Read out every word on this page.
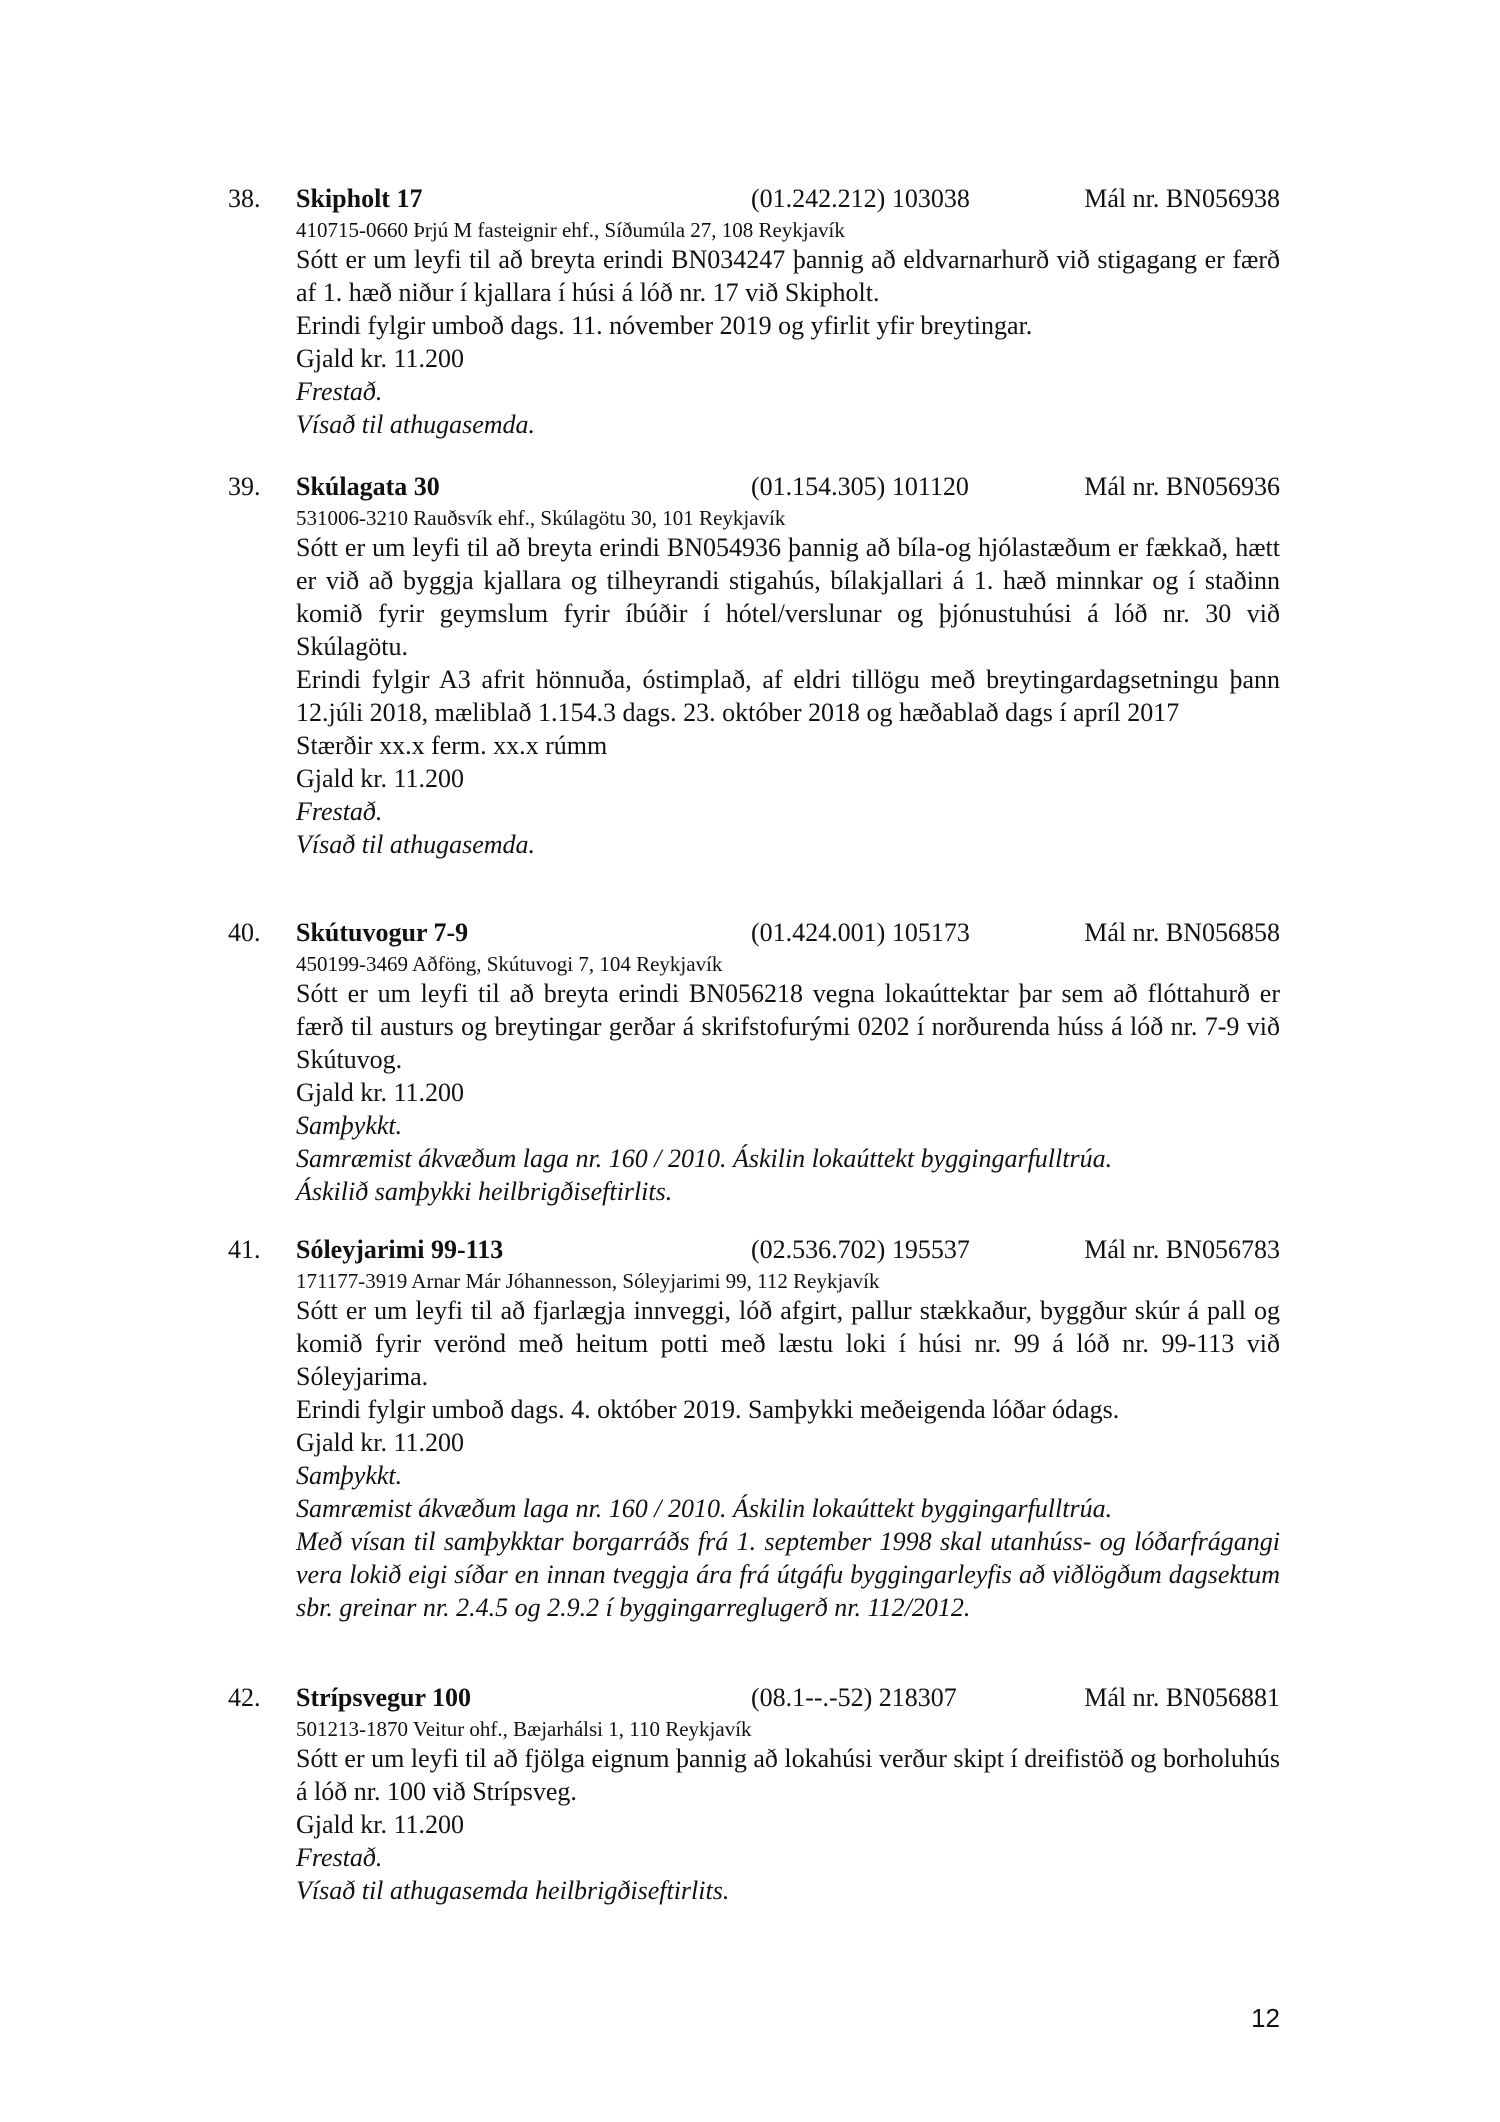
38. Skipholt 17	(01.242.212) 103038	Mál nr. BN056938
410715-0660 Þrjú M fasteignir ehf., Síðumúla 27, 108 Reykjavík
Sótt er um leyfi til að breyta erindi BN034247 þannig að eldvarnarhurð við stigagang er færð af 1. hæð niður í kjallara í húsi á lóð nr. 17 við Skipholt.
Erindi fylgir umboð dags. 11. nóvember 2019 og yfirlit yfir breytingar.
Gjald kr. 11.200
Frestað.
Vísað til athugasemda.
39. Skúlagata 30	(01.154.305) 101120	Mál nr. BN056936
531006-3210 Rauðsvík ehf., Skúlagötu 30, 101 Reykjavík
Sótt er um leyfi til að breyta erindi BN054936 þannig að bíla-og hjólastæðum er fækkað, hætt er við að byggja kjallara og tilheyrandi stigahús, bílakjallari á 1. hæð minnkar og í staðinn komið fyrir geymslum fyrir íbúðir í hótel/verslunar og þjónustuhúsi á lóð nr. 30 við Skúlagötu.
Erindi fylgir A3 afrit hönnuða, óstimplað, af eldri tillögu með breytingardagsetningu þann 12.júli 2018, mæliblað 1.154.3 dags. 23. október 2018 og hæðablað dags í apríl 2017
Stærðir xx.x ferm. xx.x rúmm
Gjald kr. 11.200
Frestað.
Vísað til athugasemda.
40. Skútuvogur 7-9	(01.424.001) 105173	Mál nr. BN056858
450199-3469 Aðföng, Skútuvogi 7, 104 Reykjavík
Sótt er um leyfi til að breyta erindi BN056218 vegna lokaúttektar þar sem að flóttahurð er færð til austurs og breytingar gerðar á skrifstofurými 0202 í norðurenda húss á lóð nr. 7-9 við Skútuvog.
Gjald kr. 11.200
Samþykkt.
Samræmist ákvæðum laga nr. 160 / 2010. Áskilin lokaúttekt byggingarfulltrúa.
Áskilið samþykki heilbrigðiseftirlits.
41. Sóleyjarimi 99-113	(02.536.702) 195537	Mál nr. BN056783
171177-3919 Arnar Már Jóhannesson, Sóleyjarimi 99, 112 Reykjavík
Sótt er um leyfi til að fjarlægja innveggi, lóð afgirt, pallur stækkaður, byggður skúr á pall og komið fyrir verönd með heitum potti með læstu loki í húsi nr. 99 á lóð nr. 99-113 við Sóleyjarima.
Erindi fylgir umboð dags. 4. október 2019. Samþykki meðeigenda lóðar ódags.
Gjald kr. 11.200
Samþykkt.
Samræmist ákvæðum laga nr. 160 / 2010. Áskilin lokaúttekt byggingarfulltrúa.
Með vísan til samþykktar borgarráðs frá 1. september 1998 skal utanhúss- og lóðarfrágangi vera lokið eigi síðar en innan tveggja ára frá útgáfu byggingarleyfis að viðlögðum dagsektum sbr. greinar nr. 2.4.5 og 2.9.2 í byggingarreglugerð nr. 112/2012.
42. Strípsvegur 100	(08.1--.-52) 218307	Mál nr. BN056881
501213-1870 Veitur ohf., Bæjarhálsi 1, 110 Reykjavík
Sótt er um leyfi til að fjölga eignum þannig að lokahúsi verður skipt í dreifistöð og borholuhús á lóð nr. 100 við Strípsveg.
Gjald kr. 11.200
Frestað.
Vísað til athugasemda heilbrigðiseftirlits.
12
